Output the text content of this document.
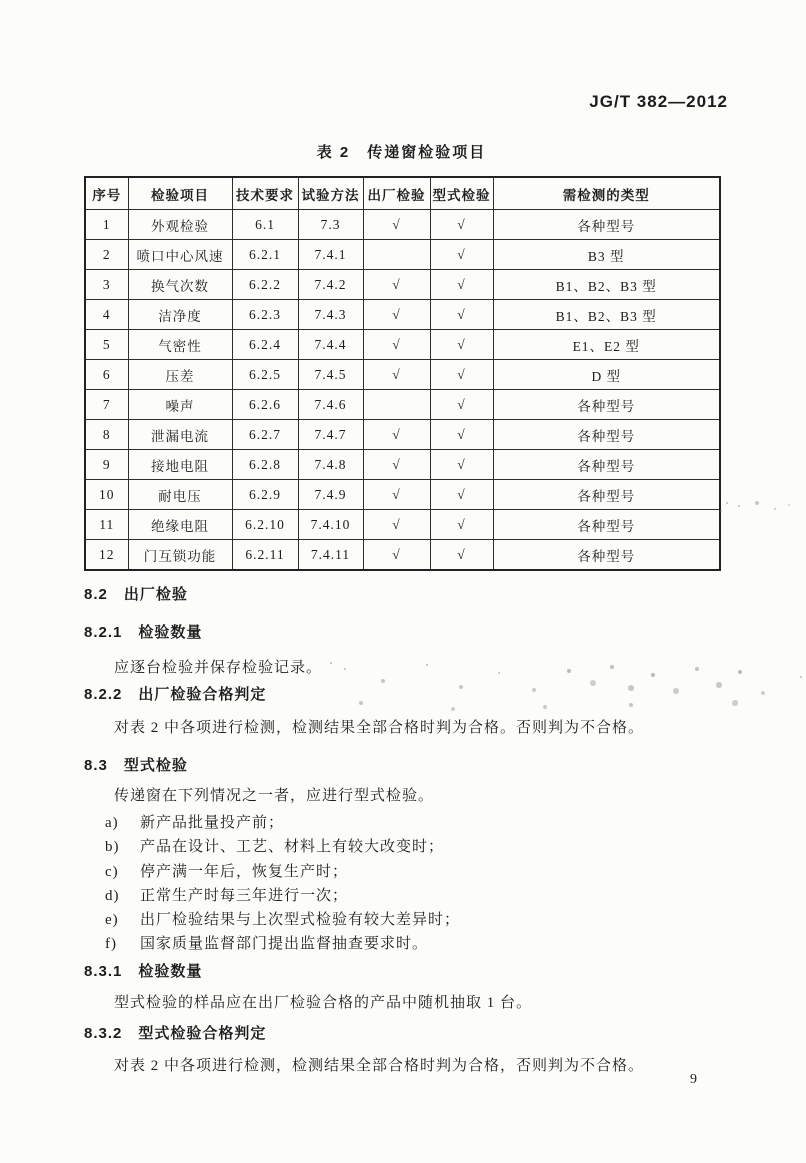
JG/T 382—2012
表 2　传递窗检验项目
序号	检验项目	技术要求	试验方法	出厂检验	型式检验	需检测的类型
1	外观检验	6.1	7.3	√	√	各种型号
2	喷口中心风速	6.2.1	7.4.1		√	B3 型
3	换气次数	6.2.2	7.4.2	√	√	B1、B2、B3 型
4	洁净度	6.2.3	7.4.3	√	√	B1、B2、B3 型
5	气密性	6.2.4	7.4.4	√	√	E1、E2 型
6	压差	6.2.5	7.4.5	√	√	D 型
7	噪声	6.2.6	7.4.6		√	各种型号
8	泄漏电流	6.2.7	7.4.7	√	√	各种型号
9	接地电阻	6.2.8	7.4.8	√	√	各种型号
10	耐电压	6.2.9	7.4.9	√	√	各种型号
11	绝缘电阻	6.2.10	7.4.10	√	√	各种型号
12	门互锁功能	6.2.11	7.4.11	√	√	各种型号
8.2　出厂检验
8.2.1　检验数量

应逐台检验并保存检验记录。

8.2.2　出厂检验合格判定

对表 2 中各项进行检测，检测结果全部合格时判为合格。否则判为不合格。

8.3　型式检验

传递窗在下列情况之一者，应进行型式检验。

a) 新产品批量投产前；
b) 产品在设计、工艺、材料上有较大改变时；
c) 停产满一年后，恢复生产时；
d) 正常生产时每三年进行一次；
e) 出厂检验结果与上次型式检验有较大差异时；
f) 国家质量监督部门提出监督抽查要求时。
8.3.1　检验数量

型式检验的样品应在出厂检验合格的产品中随机抽取 1 台。

8.3.2　型式检验合格判定

对表 2 中各项进行检测，检测结果全部合格时判为合格，否则判为不合格。

9
